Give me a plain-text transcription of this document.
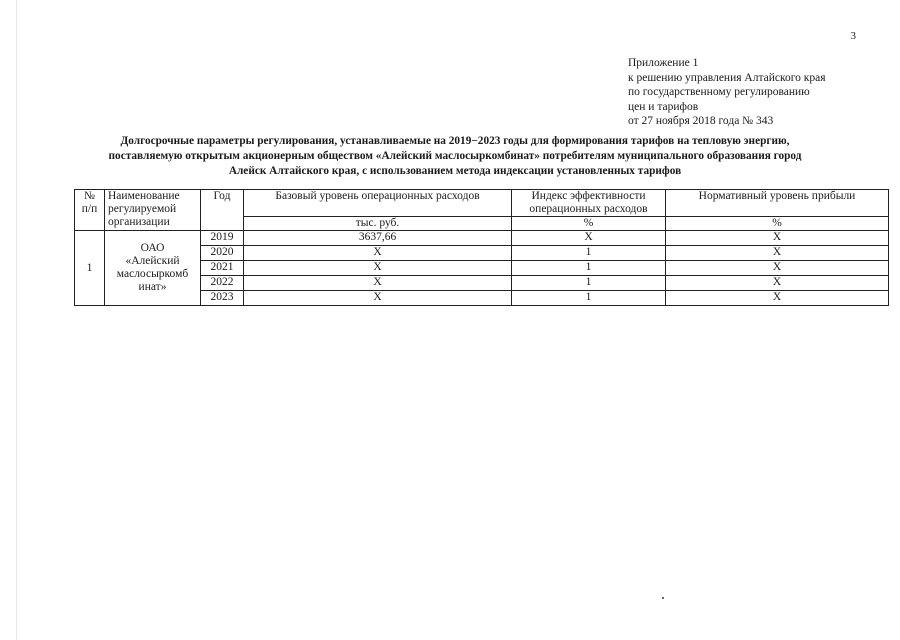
3
Приложение 1
к решению управления Алтайского края
по государственному регулированию
цен и тарифов
от 27 ноября 2018 года № 343
Долгосрочные параметры регулирования, устанавливаемые на 2019−2023 годы для формирования тарифов на тепловую энергию,
поставляемую открытым акционерным обществом «Алейский маслосыркомбинат» потребителям муниципального образования город
Алейск Алтайского края, с использованием метода индексации установленных тарифов
№ п/п	Наименование регулируемой организации	Год	Базовый уровень операционных расходов	Индекс эффективности операционных расходов	Нормативный уровень прибыли
			тыс. руб.	%	%
1	ОАО
«Алейский
маслосыркомб
инат»	2019	3637,66	Х	Х
		2020	Х	1	Х
		2021	Х	1	Х
		2022	Х	1	Х
		2023	Х	1	Х
